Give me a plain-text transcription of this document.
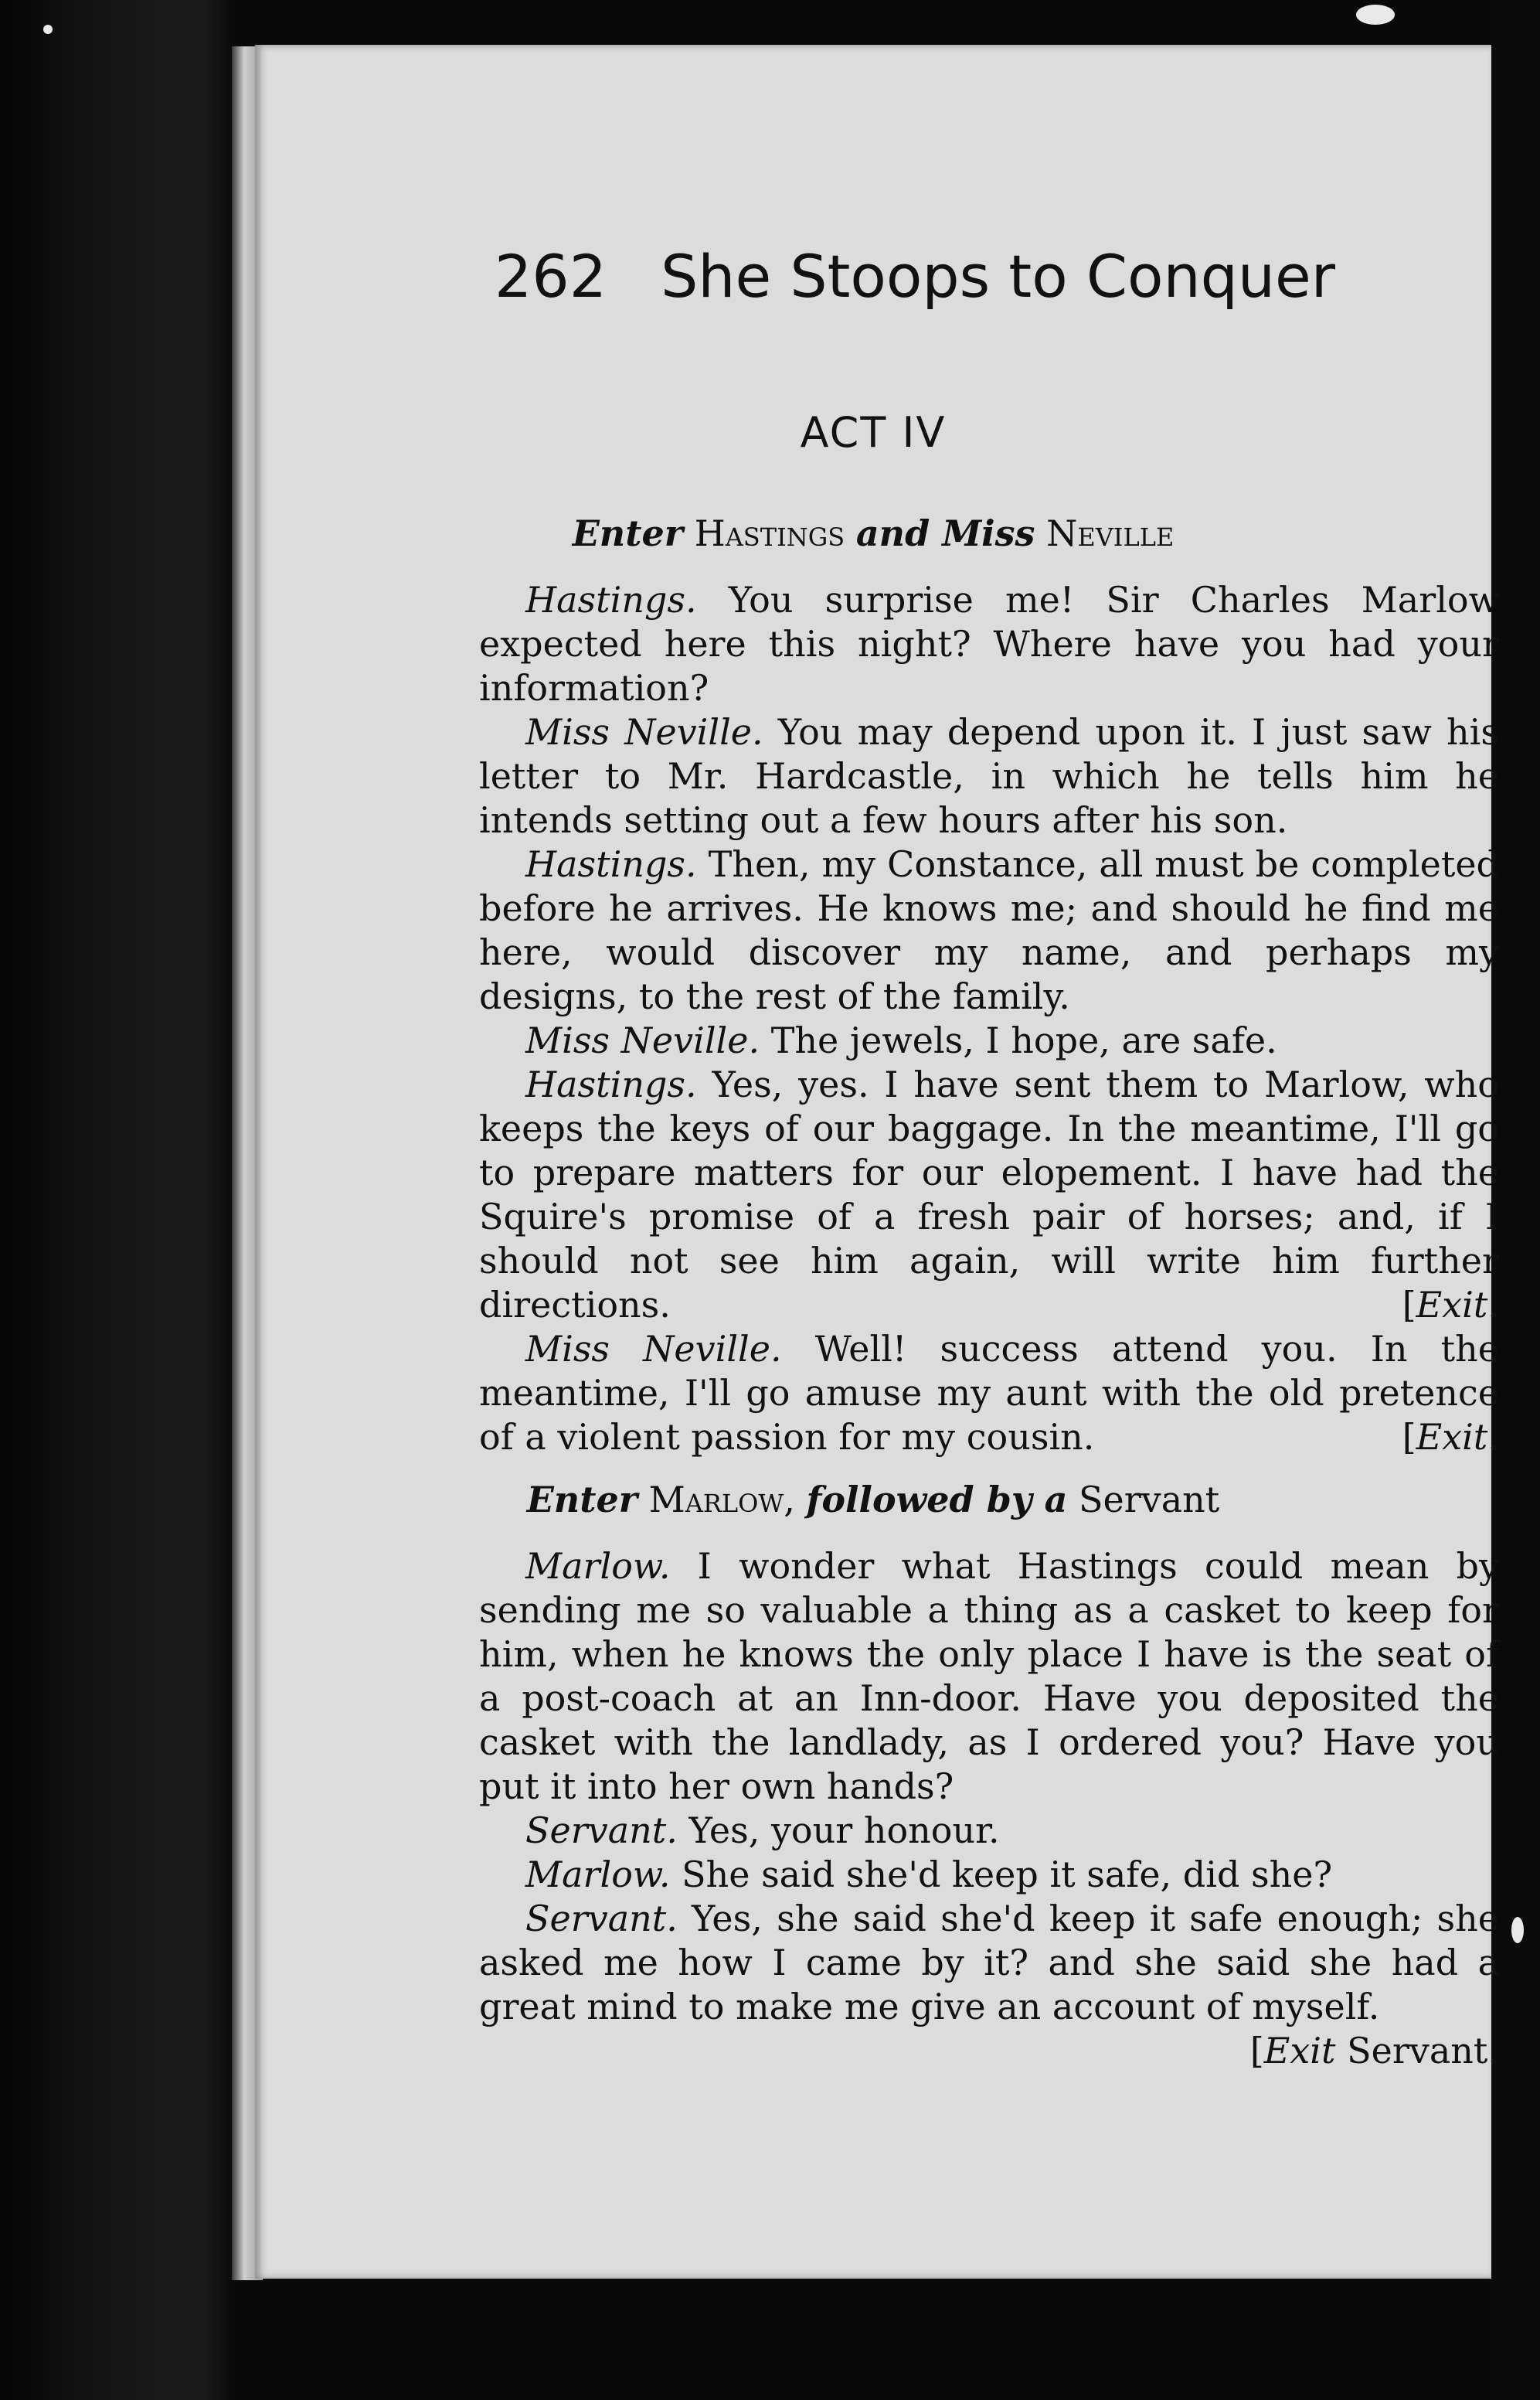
262 She Stoops to Conquer
ACT IV
Enter Hastings and Miss Neville

Hastings. You surprise me! Sir Charles Marlow expected here this night? Where have you had your information?

Miss Neville. You may depend upon it. I just saw his letter to Mr. Hardcastle, in which he tells him he intends setting out a few hours after his son.

Hastings. Then, my Constance, all must be completed before he arrives. He knows me; and should he find me here, would discover my name, and perhaps my designs, to the rest of the family.

Miss Neville. The jewels, I hope, are safe.

Hastings. Yes, yes. I have sent them to Marlow, who keeps the keys of our baggage. In the meantime, I'll go to prepare matters for our elopement. I have had the Squire's promise of a fresh pair of horses; and, if I should not see him again, will write him further directions.	[Exit.

Miss Neville. Well! success attend you. In the meantime, I'll go amuse my aunt with the old pretence of a violent passion for my cousin.	[Exit.

Enter Marlow, followed by a Servant

Marlow. I wonder what Hastings could mean by sending me so valuable a thing as a casket to keep for him, when he knows the only place I have is the seat of a post-coach at an Inn-door. Have you deposited the casket with the landlady, as I ordered you? Have you put it into her own hands?

Servant. Yes, your honour.

Marlow. She said she'd keep it safe, did she?

Servant. Yes, she said she'd keep it safe enough; she asked me how I came by it? and she said she had a great mind to make me give an account of myself.

[Exit Servant.
